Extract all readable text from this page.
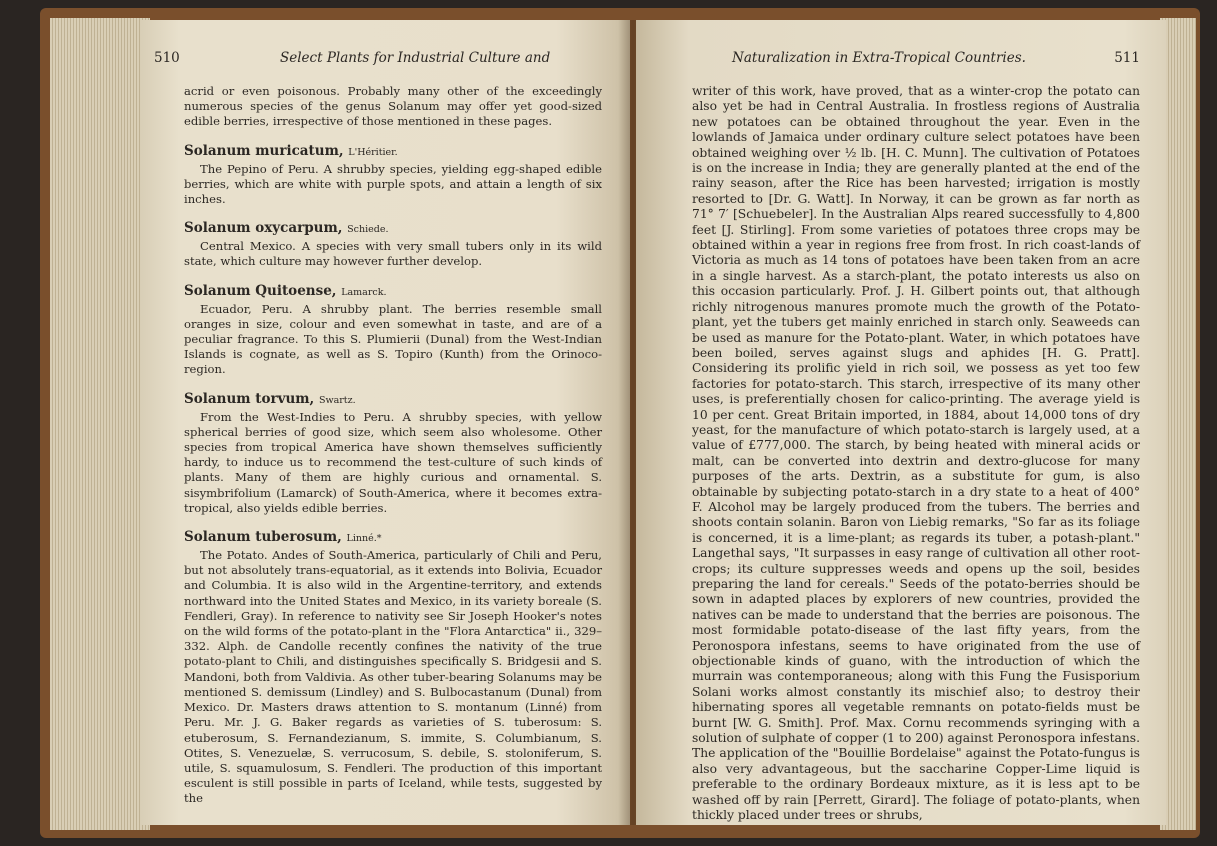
510	Select Plants for Industrial Culture and

acrid or even poisonous. Probably many other of the exceedingly numerous species of the genus Solanum may offer yet good-sized edible berries, irrespective of those mentioned in these pages.

Solanum muricatum, L'Héritier.

The Pepino of Peru. A shrubby species, yielding egg-shaped edible berries, which are white with purple spots, and attain a length of six inches.

Solanum oxycarpum, Schiede.

Central Mexico. A species with very small tubers only in its wild state, which culture may however further develop.

Solanum Quitoense, Lamarck.

Ecuador, Peru. A shrubby plant. The berries resemble small oranges in size, colour and even somewhat in taste, and are of a peculiar fragrance. To this S. Plumierii (Dunal) from the West-Indian Islands is cognate, as well as S. Topiro (Kunth) from the Orinoco-region.

Solanum torvum, Swartz.

From the West-Indies to Peru. A shrubby species, with yellow spherical berries of good size, which seem also wholesome. Other species from tropical America have shown themselves sufficiently hardy, to induce us to recommend the test-culture of such kinds of plants. Many of them are highly curious and ornamental. S. sisymbrifolium (Lamarck) of South-America, where it becomes extra-tropical, also yields edible berries.

Solanum tuberosum, Linné.*

The Potato. Andes of South-America, particularly of Chili and Peru, but not absolutely trans-equatorial, as it extends into Bolivia, Ecuador and Columbia. It is also wild in the Argentine-territory, and extends northward into the United States and Mexico, in its variety boreale (S. Fendleri, Gray). In reference to nativity see Sir Joseph Hooker's notes on the wild forms of the potato-plant in the "Flora Antarctica" ii., 329–332. Alph. de Candolle recently confines the nativity of the true potato-plant to Chili, and distinguishes specifically S. Bridgesii and S. Mandoni, both from Valdivia. As other tuber-bearing Solanums may be mentioned S. demissum (Lindley) and S. Bulbocastanum (Dunal) from Mexico. Dr. Masters draws attention to S. montanum (Linné) from Peru. Mr. J. G. Baker regards as varieties of S. tuberosum: S. etuberosum, S. Fernandezianum, S. immite, S. Columbianum, S. Otites, S. Venezuelæ, S. verrucosum, S. debile, S. stoloniferum, S. utile, S. squamulosum, S. Fendleri. The production of this important esculent is still possible in parts of Iceland, while tests, suggested by the

Naturalization in Extra-Tropical Countries.	511

writer of this work, have proved, that as a winter-crop the potato can also yet be had in Central Australia. In frostless regions of Australia new potatoes can be obtained throughout the year. Even in the lowlands of Jamaica under ordinary culture select potatoes have been obtained weighing over ½ lb. [H. C. Munn]. The cultivation of Potatoes is on the increase in India; they are generally planted at the end of the rainy season, after the Rice has been harvested; irrigation is mostly resorted to [Dr. G. Watt]. In Norway, it can be grown as far north as 71° 7′ [Schuebeler]. In the Australian Alps reared successfully to 4,800 feet [J. Stirling]. From some varieties of potatoes three crops may be obtained within a year in regions free from frost. In rich coast-lands of Victoria as much as 14 tons of potatoes have been taken from an acre in a single harvest. As a starch-plant, the potato interests us also on this occasion particularly. Prof. J. H. Gilbert points out, that although richly nitrogenous manures promote much the growth of the Potato-plant, yet the tubers get mainly enriched in starch only. Seaweeds can be used as manure for the Potato-plant. Water, in which potatoes have been boiled, serves against slugs and aphides [H. G. Pratt]. Considering its prolific yield in rich soil, we possess as yet too few factories for potato-starch. This starch, irrespective of its many other uses, is preferentially chosen for calico-printing. The average yield is 10 per cent. Great Britain imported, in 1884, about 14,000 tons of dry yeast, for the manufacture of which potato-starch is largely used, at a value of £777,000. The starch, by being heated with mineral acids or malt, can be converted into dextrin and dextro-glucose for many purposes of the arts. Dextrin, as a substitute for gum, is also obtainable by subjecting potato-starch in a dry state to a heat of 400° F. Alcohol may be largely produced from the tubers. The berries and shoots contain solanin. Baron von Liebig remarks, "So far as its foliage is concerned, it is a lime-plant; as regards its tuber, a potash-plant." Langethal says, "It surpasses in easy range of cultivation all other root-crops; its culture suppresses weeds and opens up the soil, besides preparing the land for cereals." Seeds of the potato-berries should be sown in adapted places by explorers of new countries, provided the natives can be made to understand that the berries are poisonous. The most formidable potato-disease of the last fifty years, from the Peronospora infestans, seems to have originated from the use of objectionable kinds of guano, with the introduction of which the murrain was contemporaneous; along with this Fung the Fusisporium Solani works almost constantly its mischief also; to destroy their hibernating spores all vegetable remnants on potato-fields must be burnt [W. G. Smith]. Prof. Max. Cornu recommends syringing with a solution of sulphate of copper (1 to 200) against Peronospora infestans. The application of the "Bouillie Bordelaise" against the Potato-fungus is also very advantageous, but the saccharine Copper-Lime liquid is preferable to the ordinary Bordeaux mixture, as it is less apt to be washed off by rain [Perrett, Girard]. The foliage of potato-plants, when thickly placed under trees or shrubs,
